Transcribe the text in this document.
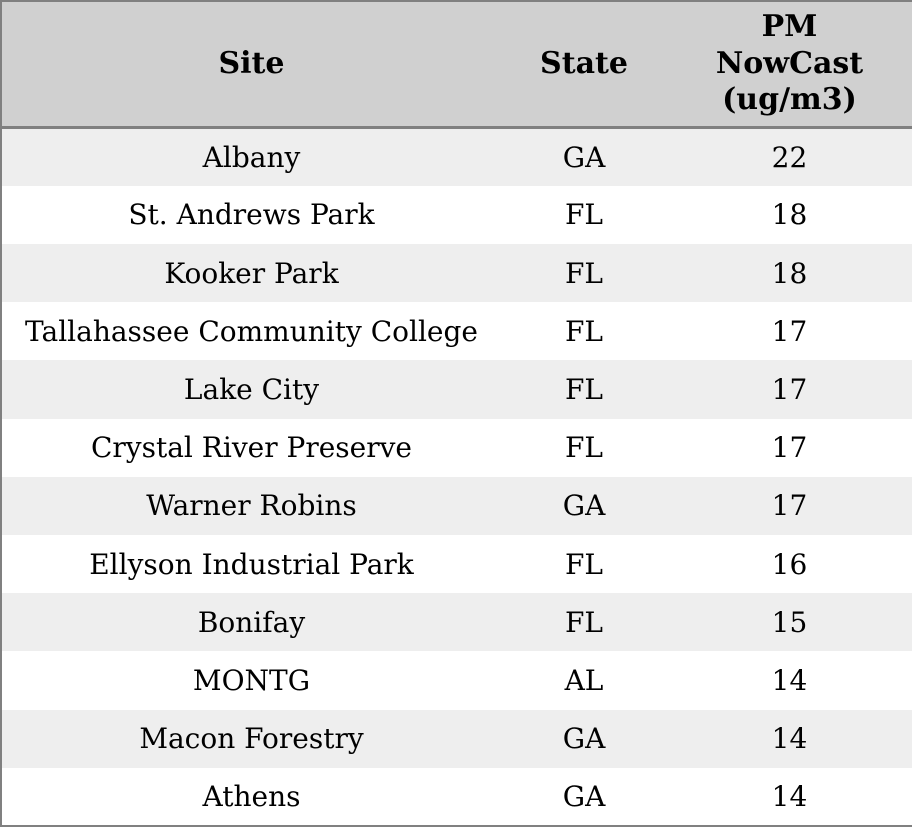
Site	State	PM NowCast (ug/m3)
Albany	GA	22
St. Andrews Park	FL	18
Kooker Park	FL	18
Tallahassee Community College	FL	17
Lake City	FL	17
Crystal River Preserve	FL	17
Warner Robins	GA	17
Ellyson Industrial Park	FL	16
Bonifay	FL	15
MONTG	AL	14
Macon Forestry	GA	14
Athens	GA	14
